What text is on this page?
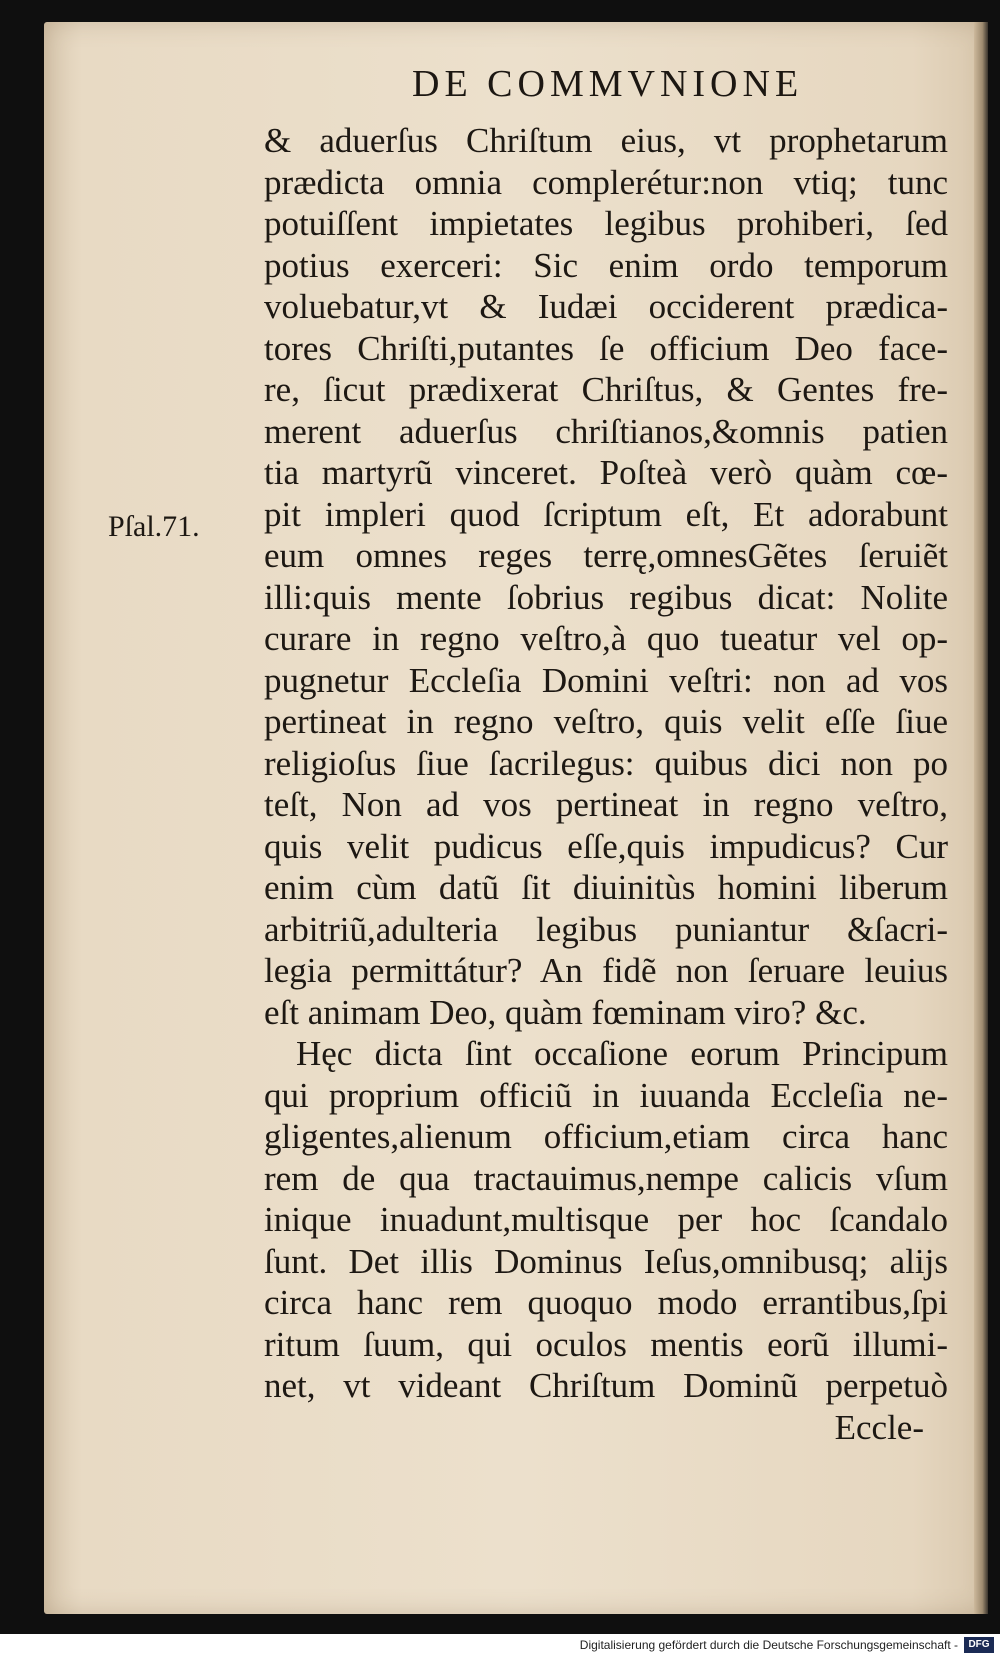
DE COMMVNIONE
Pſal.71.
& aduerſus Chriſtum eius, vt prophetarum
prædicta omnia complerétur:non vtiq; tunc
potuiſſent impietates legibus prohiberi, ſed
potius exerceri: Sic enim ordo temporum
voluebatur,vt & Iudæi occiderent prædica-
tores Chriſti,putantes ſe officium Deo face-
re, ſicut prædixerat Chriſtus, & Gentes fre-
merent aduerſus chriſtianos,&omnis patien
tia martyrũ vinceret. Poſteà verò quàm cœ-
pit impleri quod ſcriptum eſt, Et adorabunt
eum omnes reges terrę,omnesGẽtes ſeruiẽt
illi:quis mente ſobrius regibus dicat: Nolite
curare in regno veſtro,à quo tueatur vel op-
pugnetur Eccleſia Domini veſtri: non ad vos
pertineat in regno veſtro, quis velit eſſe ſiue
religioſus ſiue ſacrilegus: quibus dici non po
teſt, Non ad vos pertineat in regno veſtro,
quis velit pudicus eſſe,quis impudicus? Cur
enim cùm datũ ſit diuinitùs homini liberum
arbitriũ,adulteria legibus puniantur &ſacri-
legia permittátur? An fidẽ non ſeruare leuius
eſt animam Deo, quàm fœminam viro? &c.
Hęc dicta ſint occaſione eorum Principum
qui proprium officiũ in iuuanda Eccleſia ne-
gligentes,alienum officium,etiam circa hanc
rem de qua tractauimus,nempe calicis vſum
inique inuadunt,multisque per hoc ſcandalo
ſunt. Det illis Dominus Ieſus,omnibusq; alijs
circa hanc rem quoquo modo errantibus,ſpi
ritum ſuum, qui oculos mentis eorũ illumi-
net, vt videant Chriſtum Dominũ perpetuò
Eccle-
Digitalisierung gefördert durch die Deutsche Forschungsgemeinschaft -	DFG
